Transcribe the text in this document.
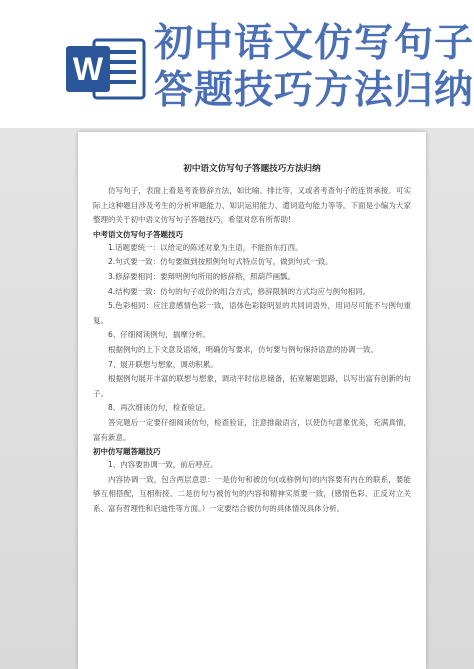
W
初中语文仿写句子
答题技巧方法归纳
初中语文仿写句子答题技巧方法归纳

仿写句子，表面上看是考查修辞方法，如比喻、排比等，又或者考查句子的连贯承接。可实际上这种题目涉及考生的分析审题能力、知识运用能力、遣词造句能力等等。下面是小编为大家整理的关于初中语文仿写句子答题技巧，希望对您有所帮助!

中考语文仿写句子答题技巧

1.话题要统一：以给定的陈述对象为主语，不能指东打西。

2.句式要一致：仿句要做到按照例句句式特点仿写，做到句式一致。

3.修辞要相同：要辩明例句所用的修辞格，照葫芦画瓢。

4.结构要一致：仿句的句子成份的组合方式，修辞限制的方式均应与例句相同。

5.色彩相同：应注意感情色彩一致，语体色彩除明显的共同词语外，用词尽可能不与例句重复。

6、仔细阅读例句，揣摩分析。

根据例句的上下文意及语境，明确仿写要求，仿句要与例句保持语意的协调一致。

7、展开联想与想象，调动积累。

根据例句展开丰富的联想与想象，调动平时信息储备，拓宽解题思路，以写出富有创新的句子。

8、再次细读仿句，检查验证。

答完题后一定要仔细阅读仿句，检查验证，注意推敲语言，以使仿句意象优美，充满真情，富有新意。

初中仿写题答题技巧

1、内容要协调一致，前后呼应。

内容协调一致，包含两层意思：一是仿句和被仿句(或称例句)的内容要有内在的联系，要能够互相搭配，互相衔接。二是仿句与被仿句的内容和精神实质要一致，(感情色彩、正反对立关系、富有哲理性和启迪性等方面。）一定要结合被仿句的具体情况具体分析。
